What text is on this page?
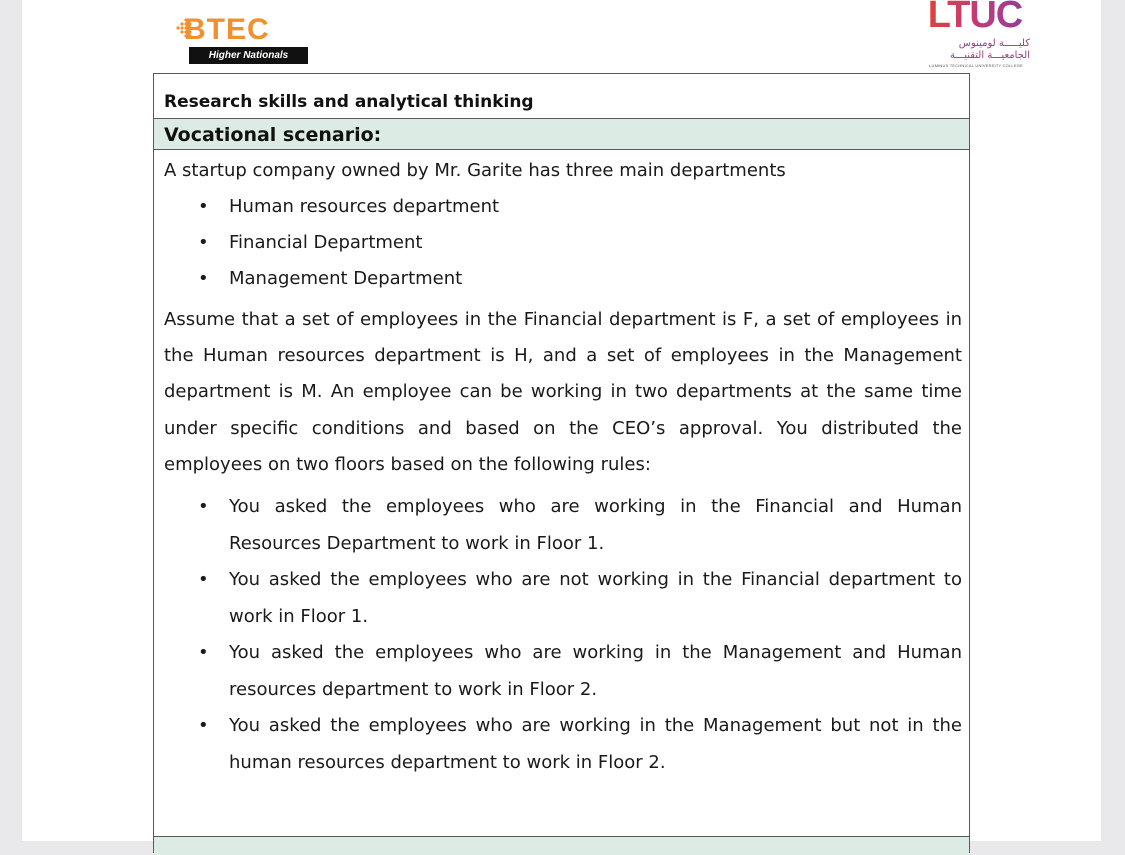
BTEC
Higher Nationals
LTUC
كليـــــة لومينوس
الجامعيـــة التقنيـــة
LUMINUS TECHNICAL UNIVERSITY COLLEGE
Research skills and analytical thinking
Vocational scenario:

A startup company owned by Mr. Garite has three main departments

• Human resources department
• Financial Department
• Management Department

Assume that a set of employees in the Financial department is F, a set of employees in the Human resources department is H, and a set of employees in the Management department is M. An employee can be working in two departments at the same time under specific conditions and based on the CEO’s approval. You distributed the employees on two floors based on the following rules:

• You asked the employees who are working in the Financial and Human Resources Department to work in Floor 1.
• You asked the employees who are not working in the Financial department to work in Floor 1.
• You asked the employees who are working in the Management and Human resources department to work in Floor 2.
• You asked the employees who are working in the Management but not in the human resources department to work in Floor 2.
